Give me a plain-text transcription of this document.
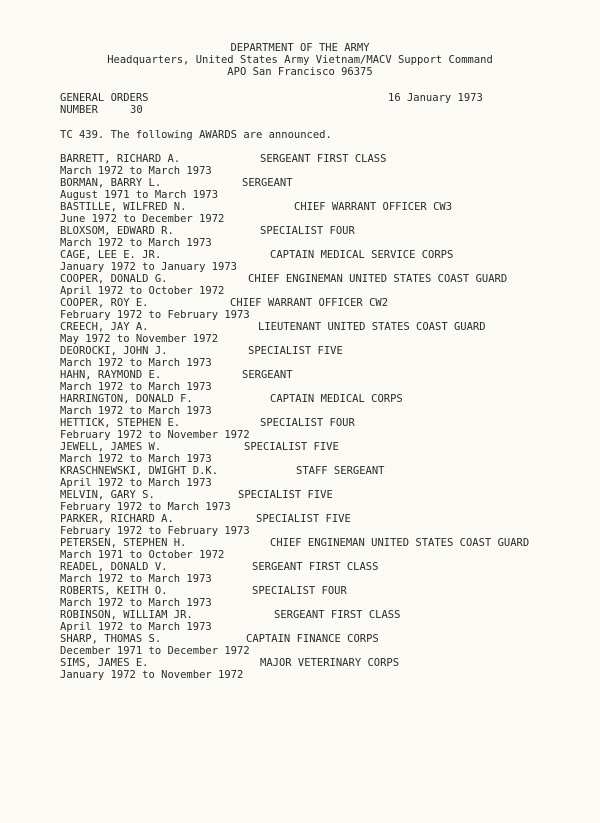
DEPARTMENT OF THE ARMY
Headquarters, United States Army Vietnam/MACV Support Command
APO San Francisco 96375
GENERAL ORDERS
NUMBER	30
16 January 1973
TC 439. The following AWARDS are announced.
BARRETT, RICHARD A.	SERGEANT FIRST CLASS
March 1972 to March 1973
BORMAN, BARRY L.	SERGEANT
August 1971 to March 1973
BASTILLE, WILFRED N.	CHIEF WARRANT OFFICER CW3
June 1972 to December 1972
BLOXSOM, EDWARD R.	SPECIALIST FOUR
March 1972 to March 1973
CAGE, LEE E. JR.	CAPTAIN MEDICAL SERVICE CORPS
January 1972 to January 1973
COOPER, DONALD G.	CHIEF ENGINEMAN UNITED STATES COAST GUARD
April 1972 to October 1972
COOPER, ROY E.	CHIEF WARRANT OFFICER CW2
February 1972 to February 1973
CREECH, JAY A.	LIEUTENANT UNITED STATES COAST GUARD
May 1972 to November 1972
DEOROCKI, JOHN J.	SPECIALIST FIVE
March 1972 to March 1973
HAHN, RAYMOND E.	SERGEANT
March 1972 to March 1973
HARRINGTON, DONALD F.	CAPTAIN MEDICAL CORPS
March 1972 to March 1973
HETTICK, STEPHEN E.	SPECIALIST FOUR
February 1972 to November 1972
JEWELL, JAMES W.	SPECIALIST FIVE
March 1972 to March 1973
KRASCHNEWSKI, DWIGHT D.K.	STAFF SERGEANT
April 1972 to March 1973
MELVIN, GARY S.	SPECIALIST FIVE
February 1972 to March 1973
PARKER, RICHARD A.	SPECIALIST FIVE
February 1972 to February 1973
PETERSEN, STEPHEN H.	CHIEF ENGINEMAN UNITED STATES COAST GUARD
March 1971 to October 1972
READEL, DONALD V.	SERGEANT FIRST CLASS
March 1972 to March 1973
ROBERTS, KEITH O.	SPECIALIST FOUR
March 1972 to March 1973
ROBINSON, WILLIAM JR.	SERGEANT FIRST CLASS
April 1972 to March 1973
SHARP, THOMAS S.	CAPTAIN FINANCE CORPS
December 1971 to December 1972
SIMS, JAMES E.	MAJOR VETERINARY CORPS
January 1972 to November 1972
